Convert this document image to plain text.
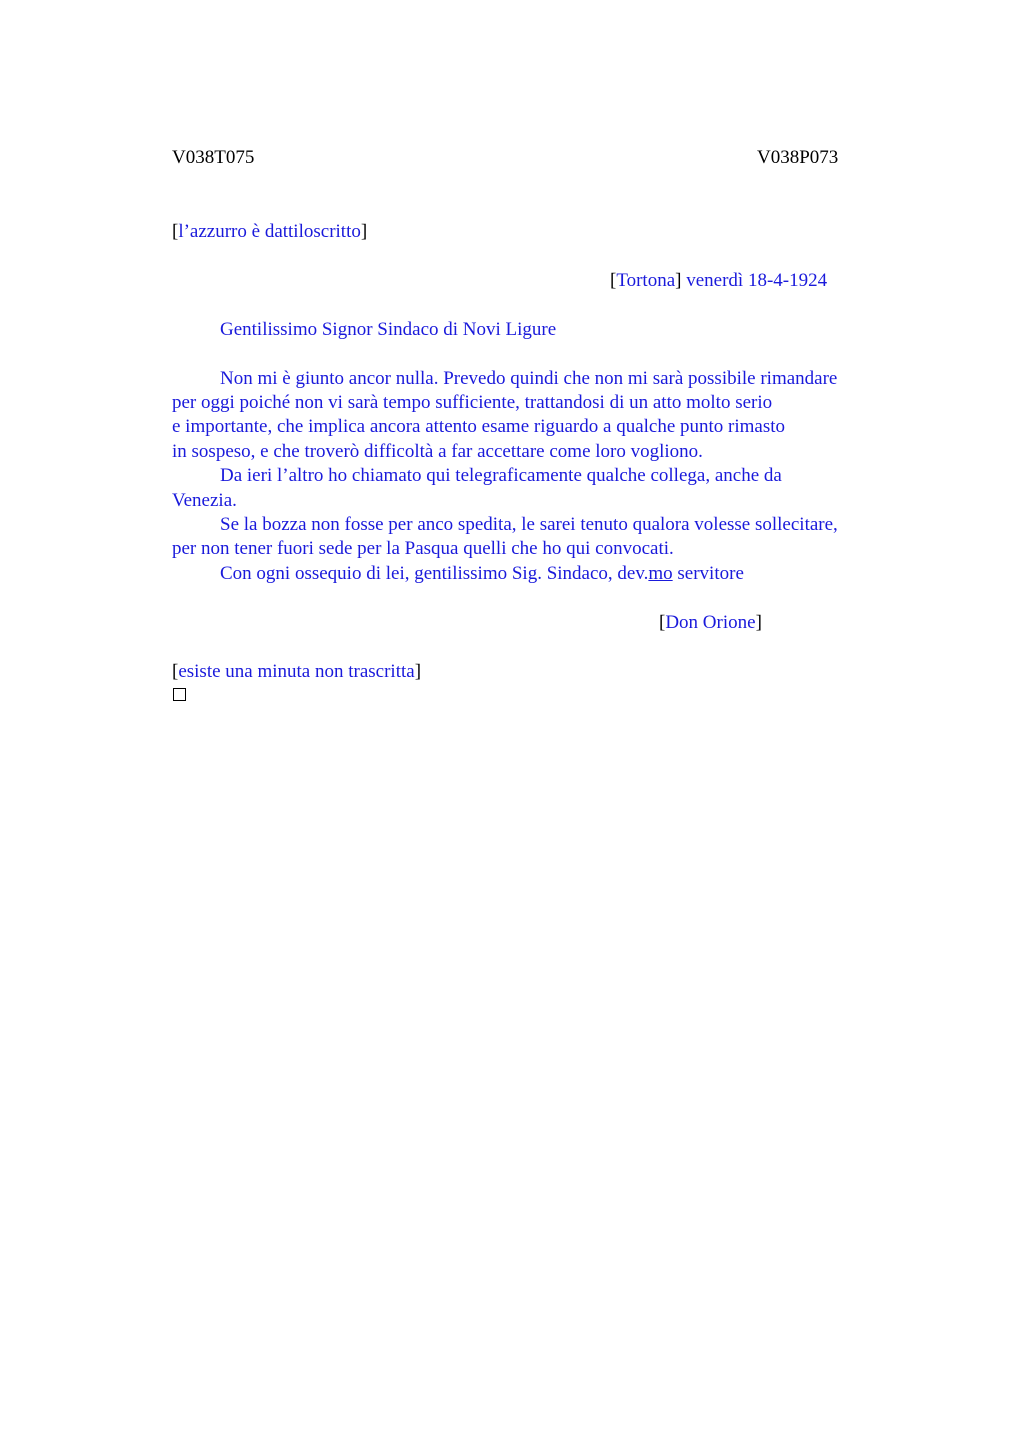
V038T075	V038P073
[l’azzurro è dattiloscritto]
[Tortona] venerdì 18-4-1924
Gentilissimo Signor Sindaco di Novi Ligure
Non mi è giunto ancor nulla. Prevedo quindi che non mi sarà possibile rimandare
per oggi poiché non vi sarà tempo sufficiente, trattandosi di un atto molto serio
e importante, che implica ancora attento esame riguardo a qualche punto rimasto
in sospeso, e che troverò difficoltà a far accettare come loro vogliono.
Da ieri l’altro ho chiamato qui telegraficamente qualche collega, anche da
Venezia.
Se la bozza non fosse per anco spedita, le sarei tenuto qualora volesse sollecitare,
per non tener fuori sede per la Pasqua quelli che ho qui convocati.
Con ogni ossequio di lei, gentilissimo Sig. Sindaco, dev.mo servitore
[Don Orione]
[esiste una minuta non trascritta]
